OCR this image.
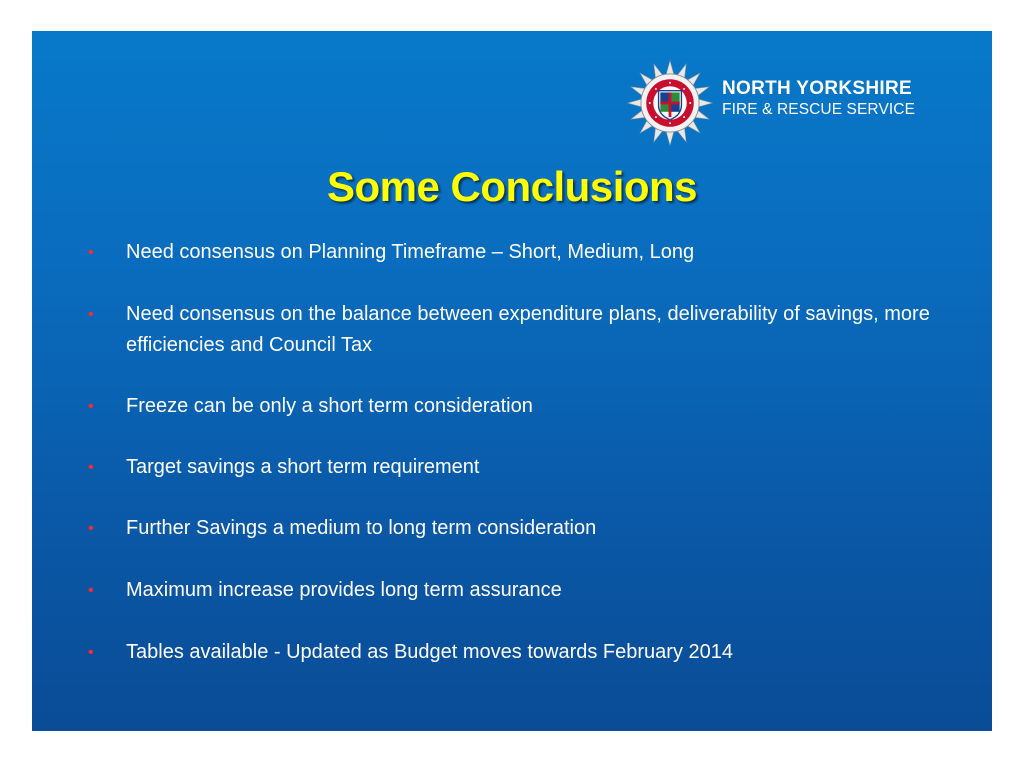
NORTH YORKSHIRE
FIRE & RESCUE SERVICE
Some Conclusions
• Need consensus on Planning Timeframe – Short, Medium, Long
• Need consensus on the balance between expenditure plans, deliverability of savings, more efficiencies and Council Tax
• Freeze can be only a short term consideration
• Target savings a short term requirement
• Further Savings a medium to long term consideration
• Maximum increase provides long term assurance
• Tables available - Updated as Budget moves towards February 2014
